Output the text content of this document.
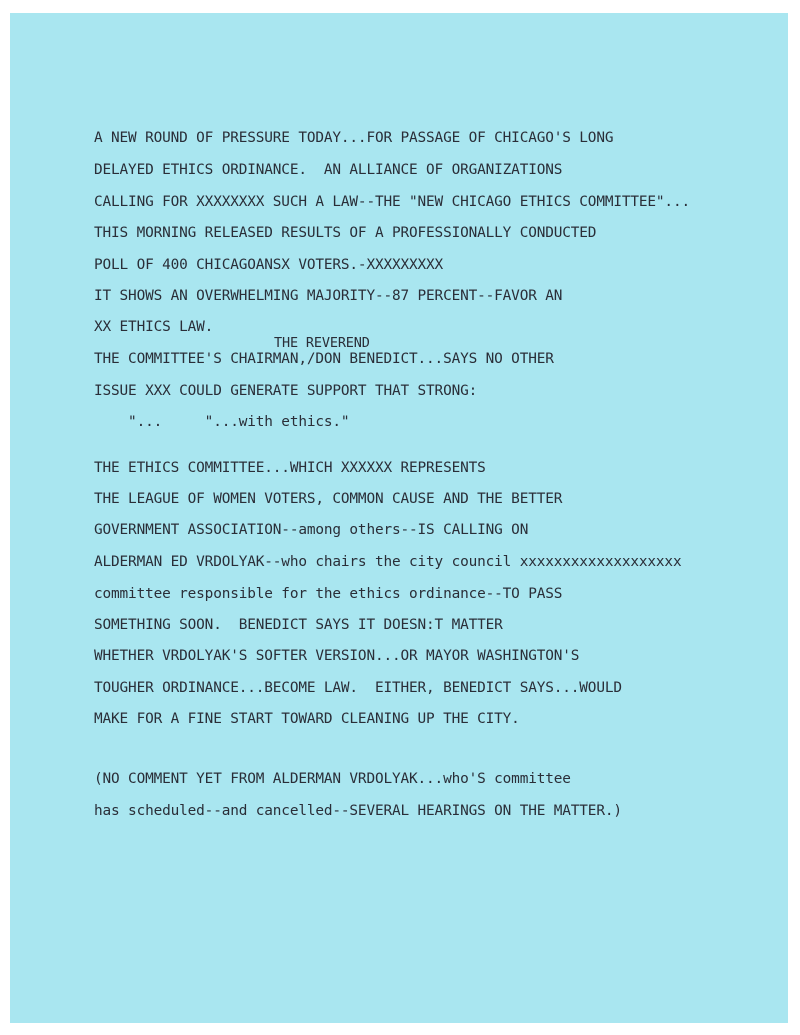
A NEW ROUND OF PRESSURE TODAY...FOR PASSAGE OF CHICAGO'S LONG
DELAYED ETHICS ORDINANCE.  AN ALLIANCE OF ORGANIZATIONS
CALLING FOR XXXXXXXX SUCH A LAW--THE "NEW CHICAGO ETHICS COMMITTEE"...
THIS MORNING RELEASED RESULTS OF A PROFESSIONALLY CONDUCTED
POLL OF 400 CHICAGOANSX VOTERS.-XXXXXXXXX
IT SHOWS AN OVERWHELMING MAJORITY--87 PERCENT--FAVOR AN
XX ETHICS LAW.
THE REVEREND
THE COMMITTEE'S CHAIRMAN,/DON BENEDICT...SAYS NO OTHER
ISSUE XXX COULD GENERATE SUPPORT THAT STRONG:
"...     "...with ethics."
THE ETHICS COMMITTEE...WHICH XXXXXX REPRESENTS
THE LEAGUE OF WOMEN VOTERS, COMMON CAUSE AND THE BETTER
GOVERNMENT ASSOCIATION--among others--IS CALLING ON
ALDERMAN ED VRDOLYAK--who chairs the city council xxxxxxxxxxxxxxxxxxx
committee responsible for the ethics ordinance--TO PASS
SOMETHING SOON.  BENEDICT SAYS IT DOESN:T MATTER
WHETHER VRDOLYAK'S SOFTER VERSION...OR MAYOR WASHINGTON'S
TOUGHER ORDINANCE...BECOME LAW.  EITHER, BENEDICT SAYS...WOULD
MAKE FOR A FINE START TOWARD CLEANING UP THE CITY.
(NO COMMENT YET FROM ALDERMAN VRDOLYAK...who'S committee
has scheduled--and cancelled--SEVERAL HEARINGS ON THE MATTER.)
